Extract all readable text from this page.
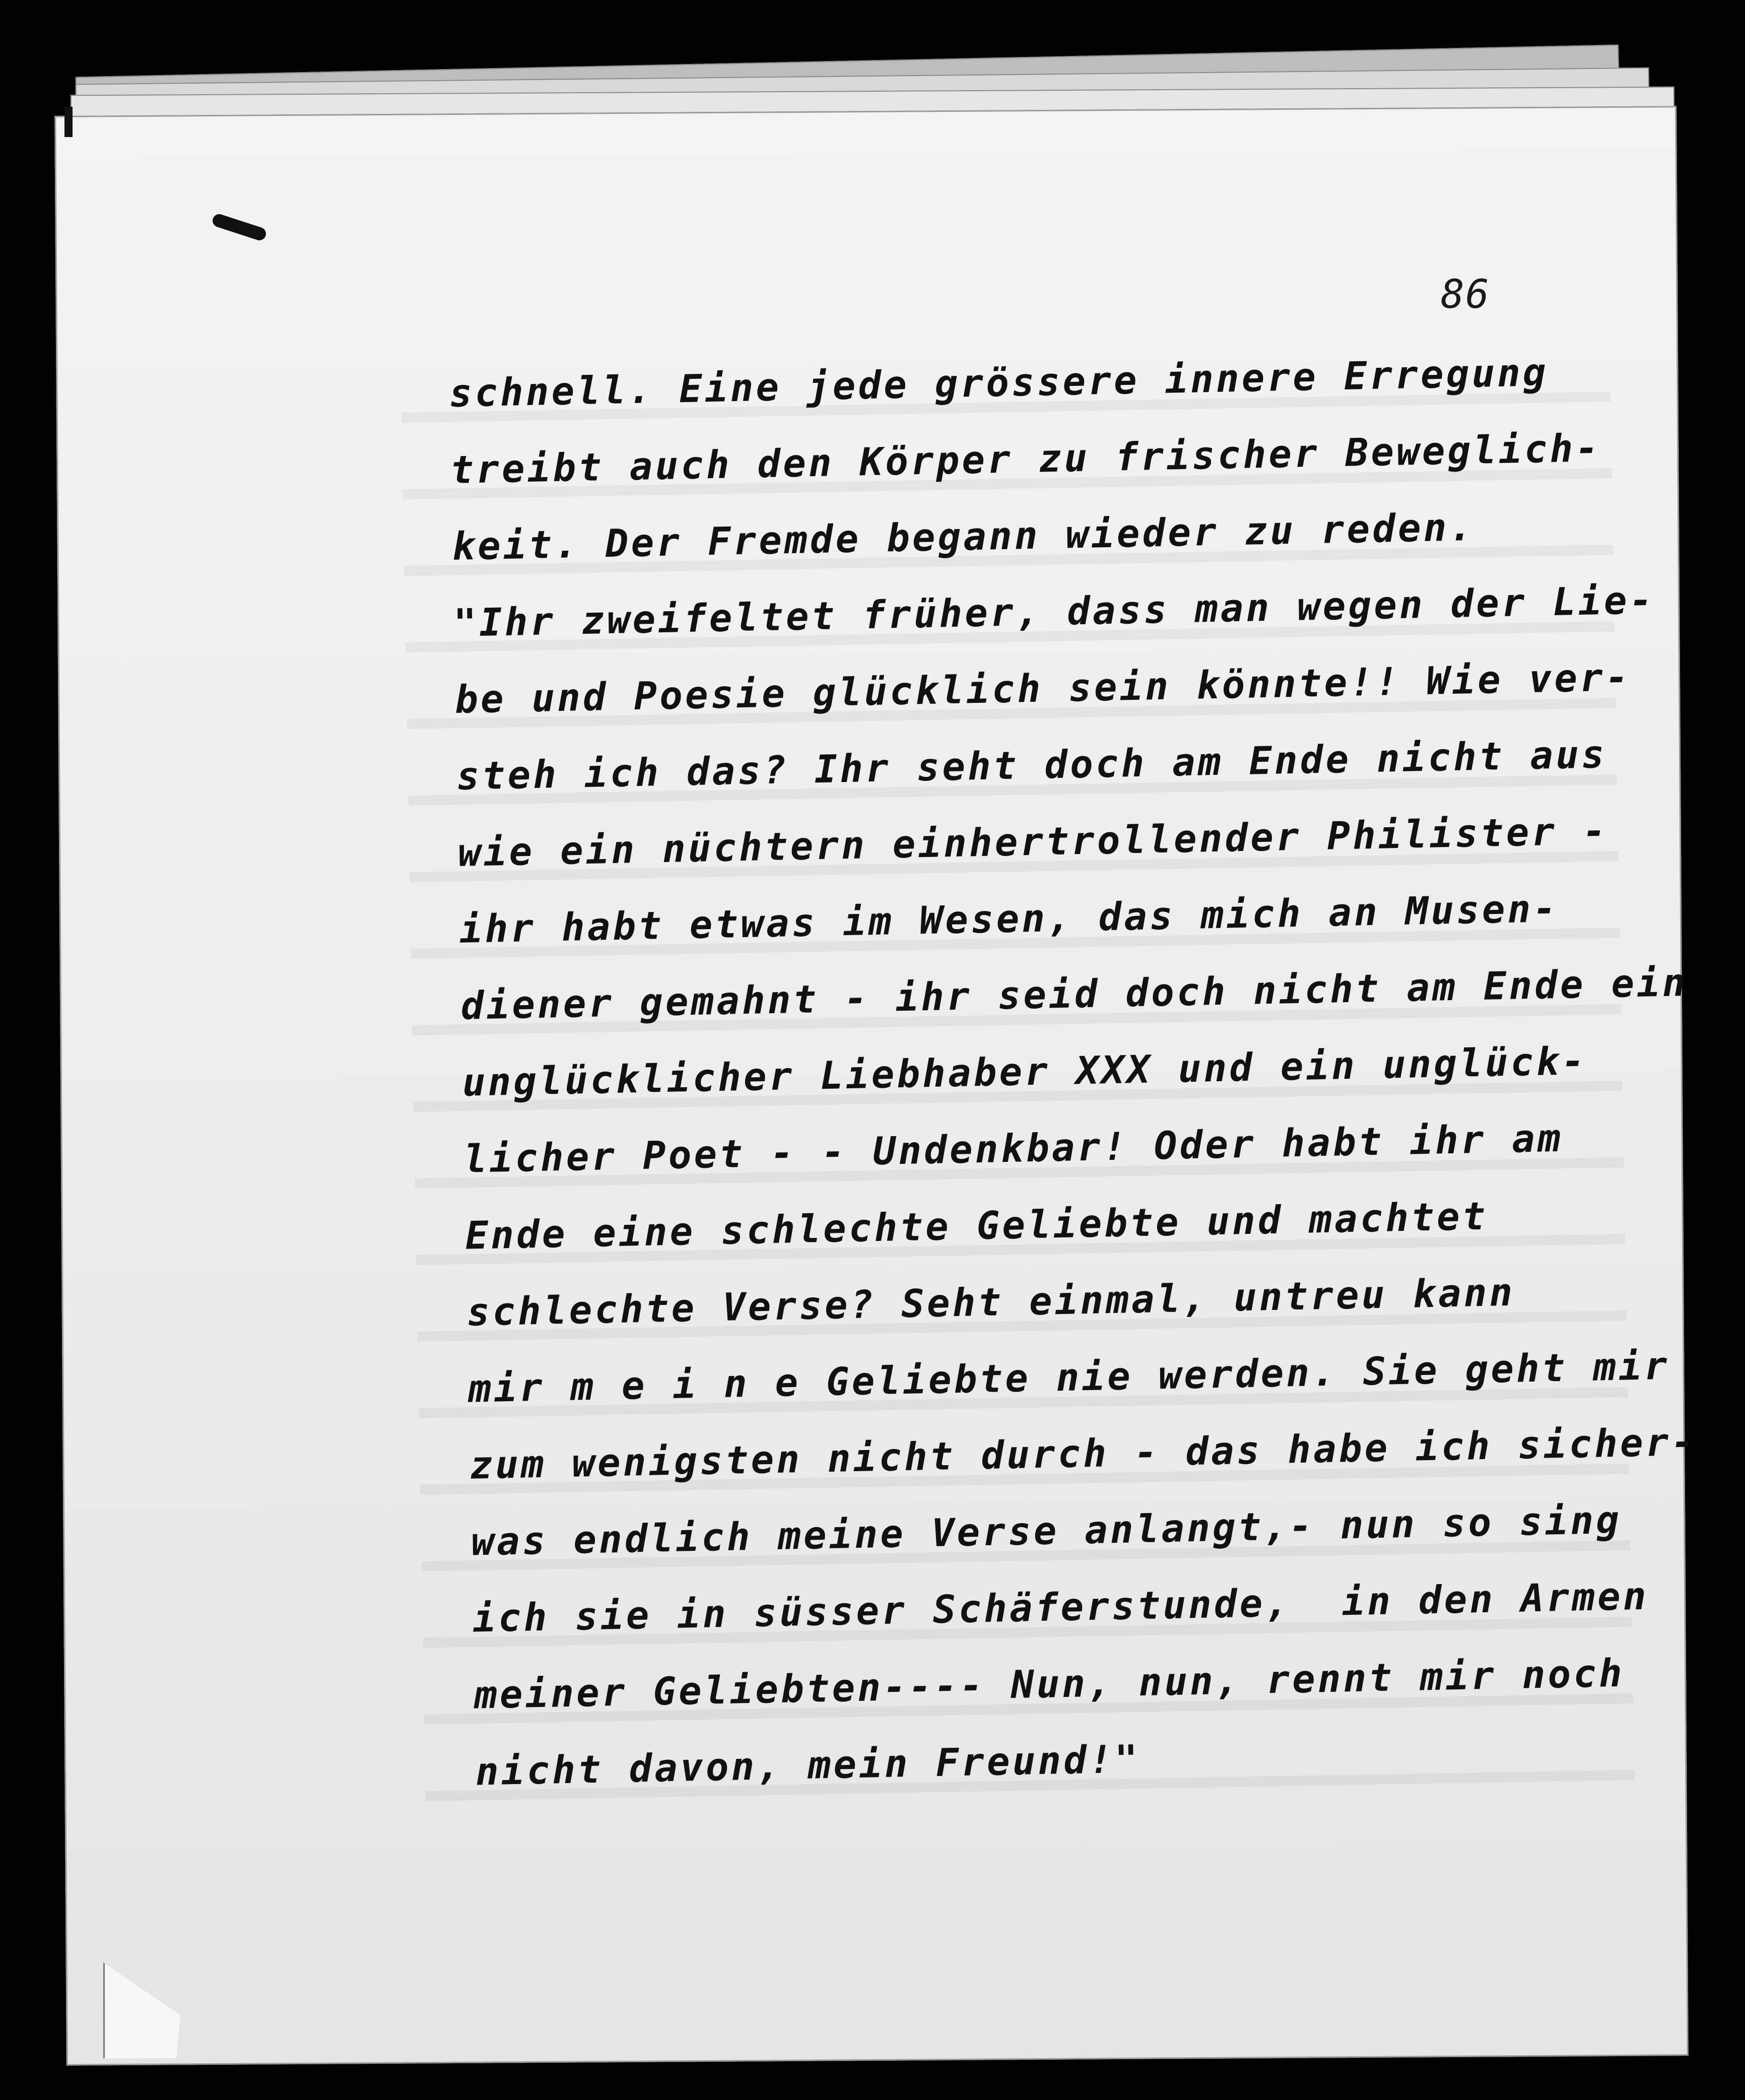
86
schnell. Eine jede grössere innere Erregung
treibt auch den Körper zu frischer Beweglich-
keit. Der Fremde begann wieder zu reden.
"Ihr zweifeltet früher, dass man wegen der Lie-
be und Poesie glücklich sein könnte!! Wie ver-
steh ich das? Ihr seht doch am Ende nicht aus
wie ein nüchtern einhertrollender Philister -
ihr habt etwas im Wesen, das mich an Musen-
diener gemahnt - ihr seid doch nicht am Ende ein
unglücklicher Liebhaber XXX und ein unglück-
licher Poet - - Undenkbar! Oder habt ihr am
Ende eine schlechte Geliebte und machtet
schlechte Verse? Seht einmal, untreu kann
mir m e i n e Geliebte nie werden. Sie geht mir
zum wenigsten nicht durch - das habe ich sicher-
was endlich meine Verse anlangt,- nun so sing
ich sie in süsser Schäferstunde,  in den Armen
meiner Geliebten---- Nun, nun, rennt mir noch
nicht davon, mein Freund!"
